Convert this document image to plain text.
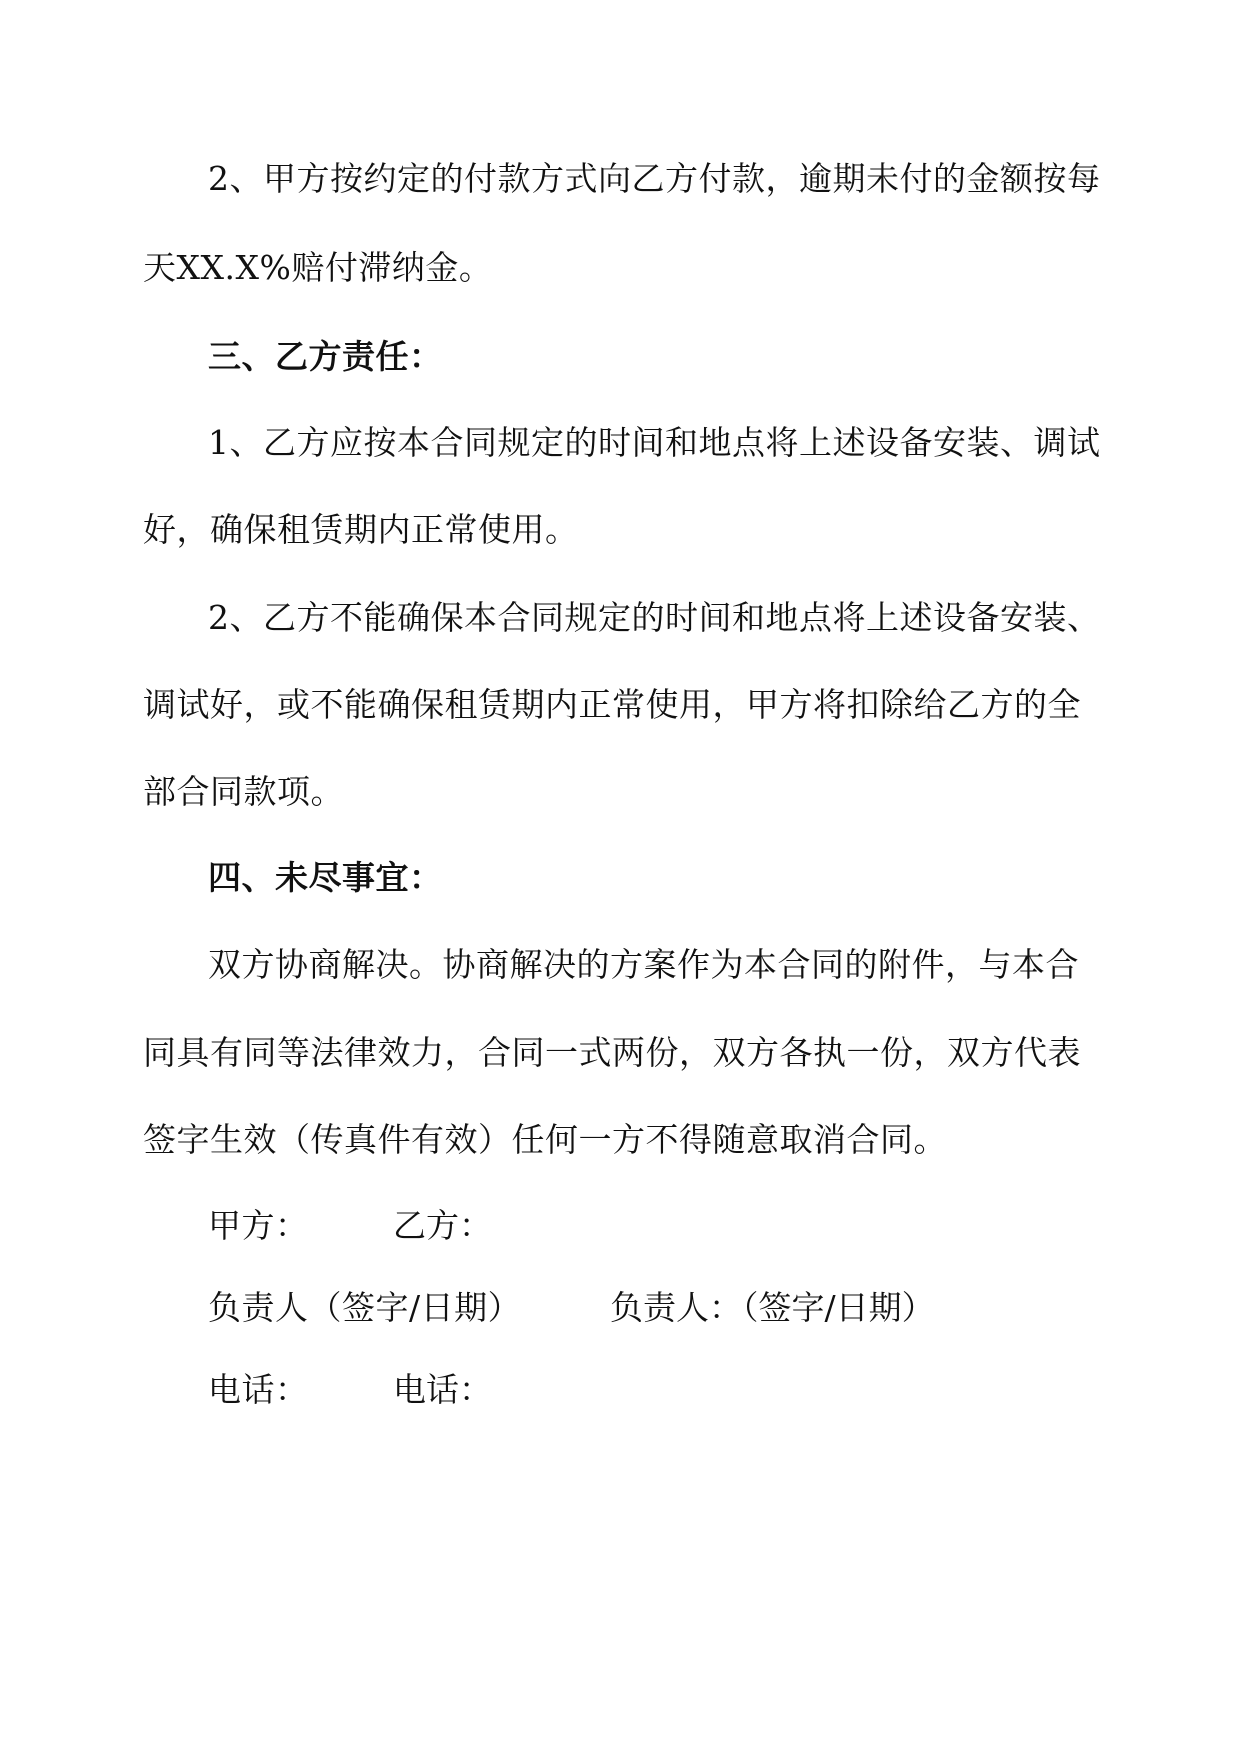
2、甲方按约定的付款方式向乙方付款，逾期未付的金额按每
天XX.X%赔付滞纳金。
三、乙方责任：
1、乙方应按本合同规定的时间和地点将上述设备安装、调试
好，确保租赁期内正常使用。
2、乙方不能确保本合同规定的时间和地点将上述设备安装、
调试好，或不能确保租赁期内正常使用，甲方将扣除给乙方的全
部合同款项。
四、未尽事宜：
双方协商解决。协商解决的方案作为本合同的附件，与本合
同具有同等法律效力，合同一式两份，双方各执一份，双方代表
签字生效（传真件有效）任何一方不得随意取消合同。
甲方：	乙方：
负责人（签字/日期）	负责人：（签字/日期）
电话：	电话：
